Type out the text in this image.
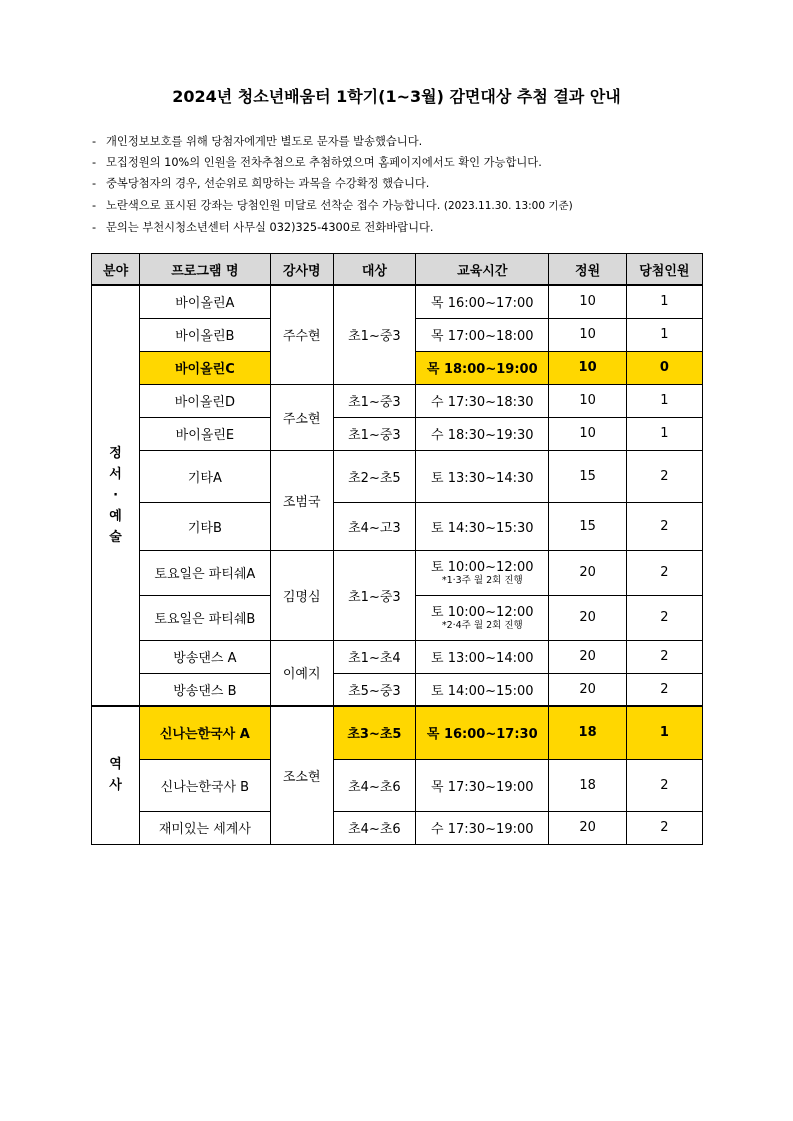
2024년 청소년배움터 1학기(1~3월) 감면대상 추첨 결과 안내
- 개인정보보호를 위해 당첨자에게만 별도로 문자를 발송했습니다.
- 모집정원의 10%의 인원을 전차추첨으로 추첨하였으며 홈페이지에서도 확인 가능합니다.
- 중복당첨자의 경우, 선순위로 희망하는 과목을 수강확정 했습니다.
- 노란색으로 표시된 강좌는 당첨인원 미달로 선착순 접수 가능합니다. (2023.11.30. 13:00 기준)
- 문의는 부천시청소년센터 사무실 032)325-4300로 전화바랍니다.
분야	프로그램 명	강사명	대상	교육시간	정원	당첨인원

정
서
·
예
술	바이올린A	주수현	초1~중3	목 16:00~17:00	10	1
	바이올린B			목 17:00~18:00	10	1
	바이올린C			목 18:00~19:00	10	0
	바이올린D	주소현	초1~중3	수 17:30~18:30	10	1
	바이올린E		초1~중3	수 18:30~19:30	10	1
	기타A	조범국	초2~초5	토 13:30~14:30	15	2
	기타B		초4~고3	토 14:30~15:30	15	2
	토요일은 파티쉐A	김명심	초1~중3	토 10:00~12:00
*1·3주 월 2회 진행	20	2
	토요일은 파티쉐B			토 10:00~12:00
*2·4주 월 2회 진행	20	2
	방송댄스 A	이예지	초1~초4	토 13:00~14:00	20	2
	방송댄스 B		초5~중3	토 14:00~15:00	20	2

역
사	신나는한국사 A	조소현	초3~초5	목 16:00~17:30	18	1
	신나는한국사 B		초4~초6	목 17:30~19:00	18	2
	재미있는 세계사		초4~초6	수 17:30~19:00	20	2
